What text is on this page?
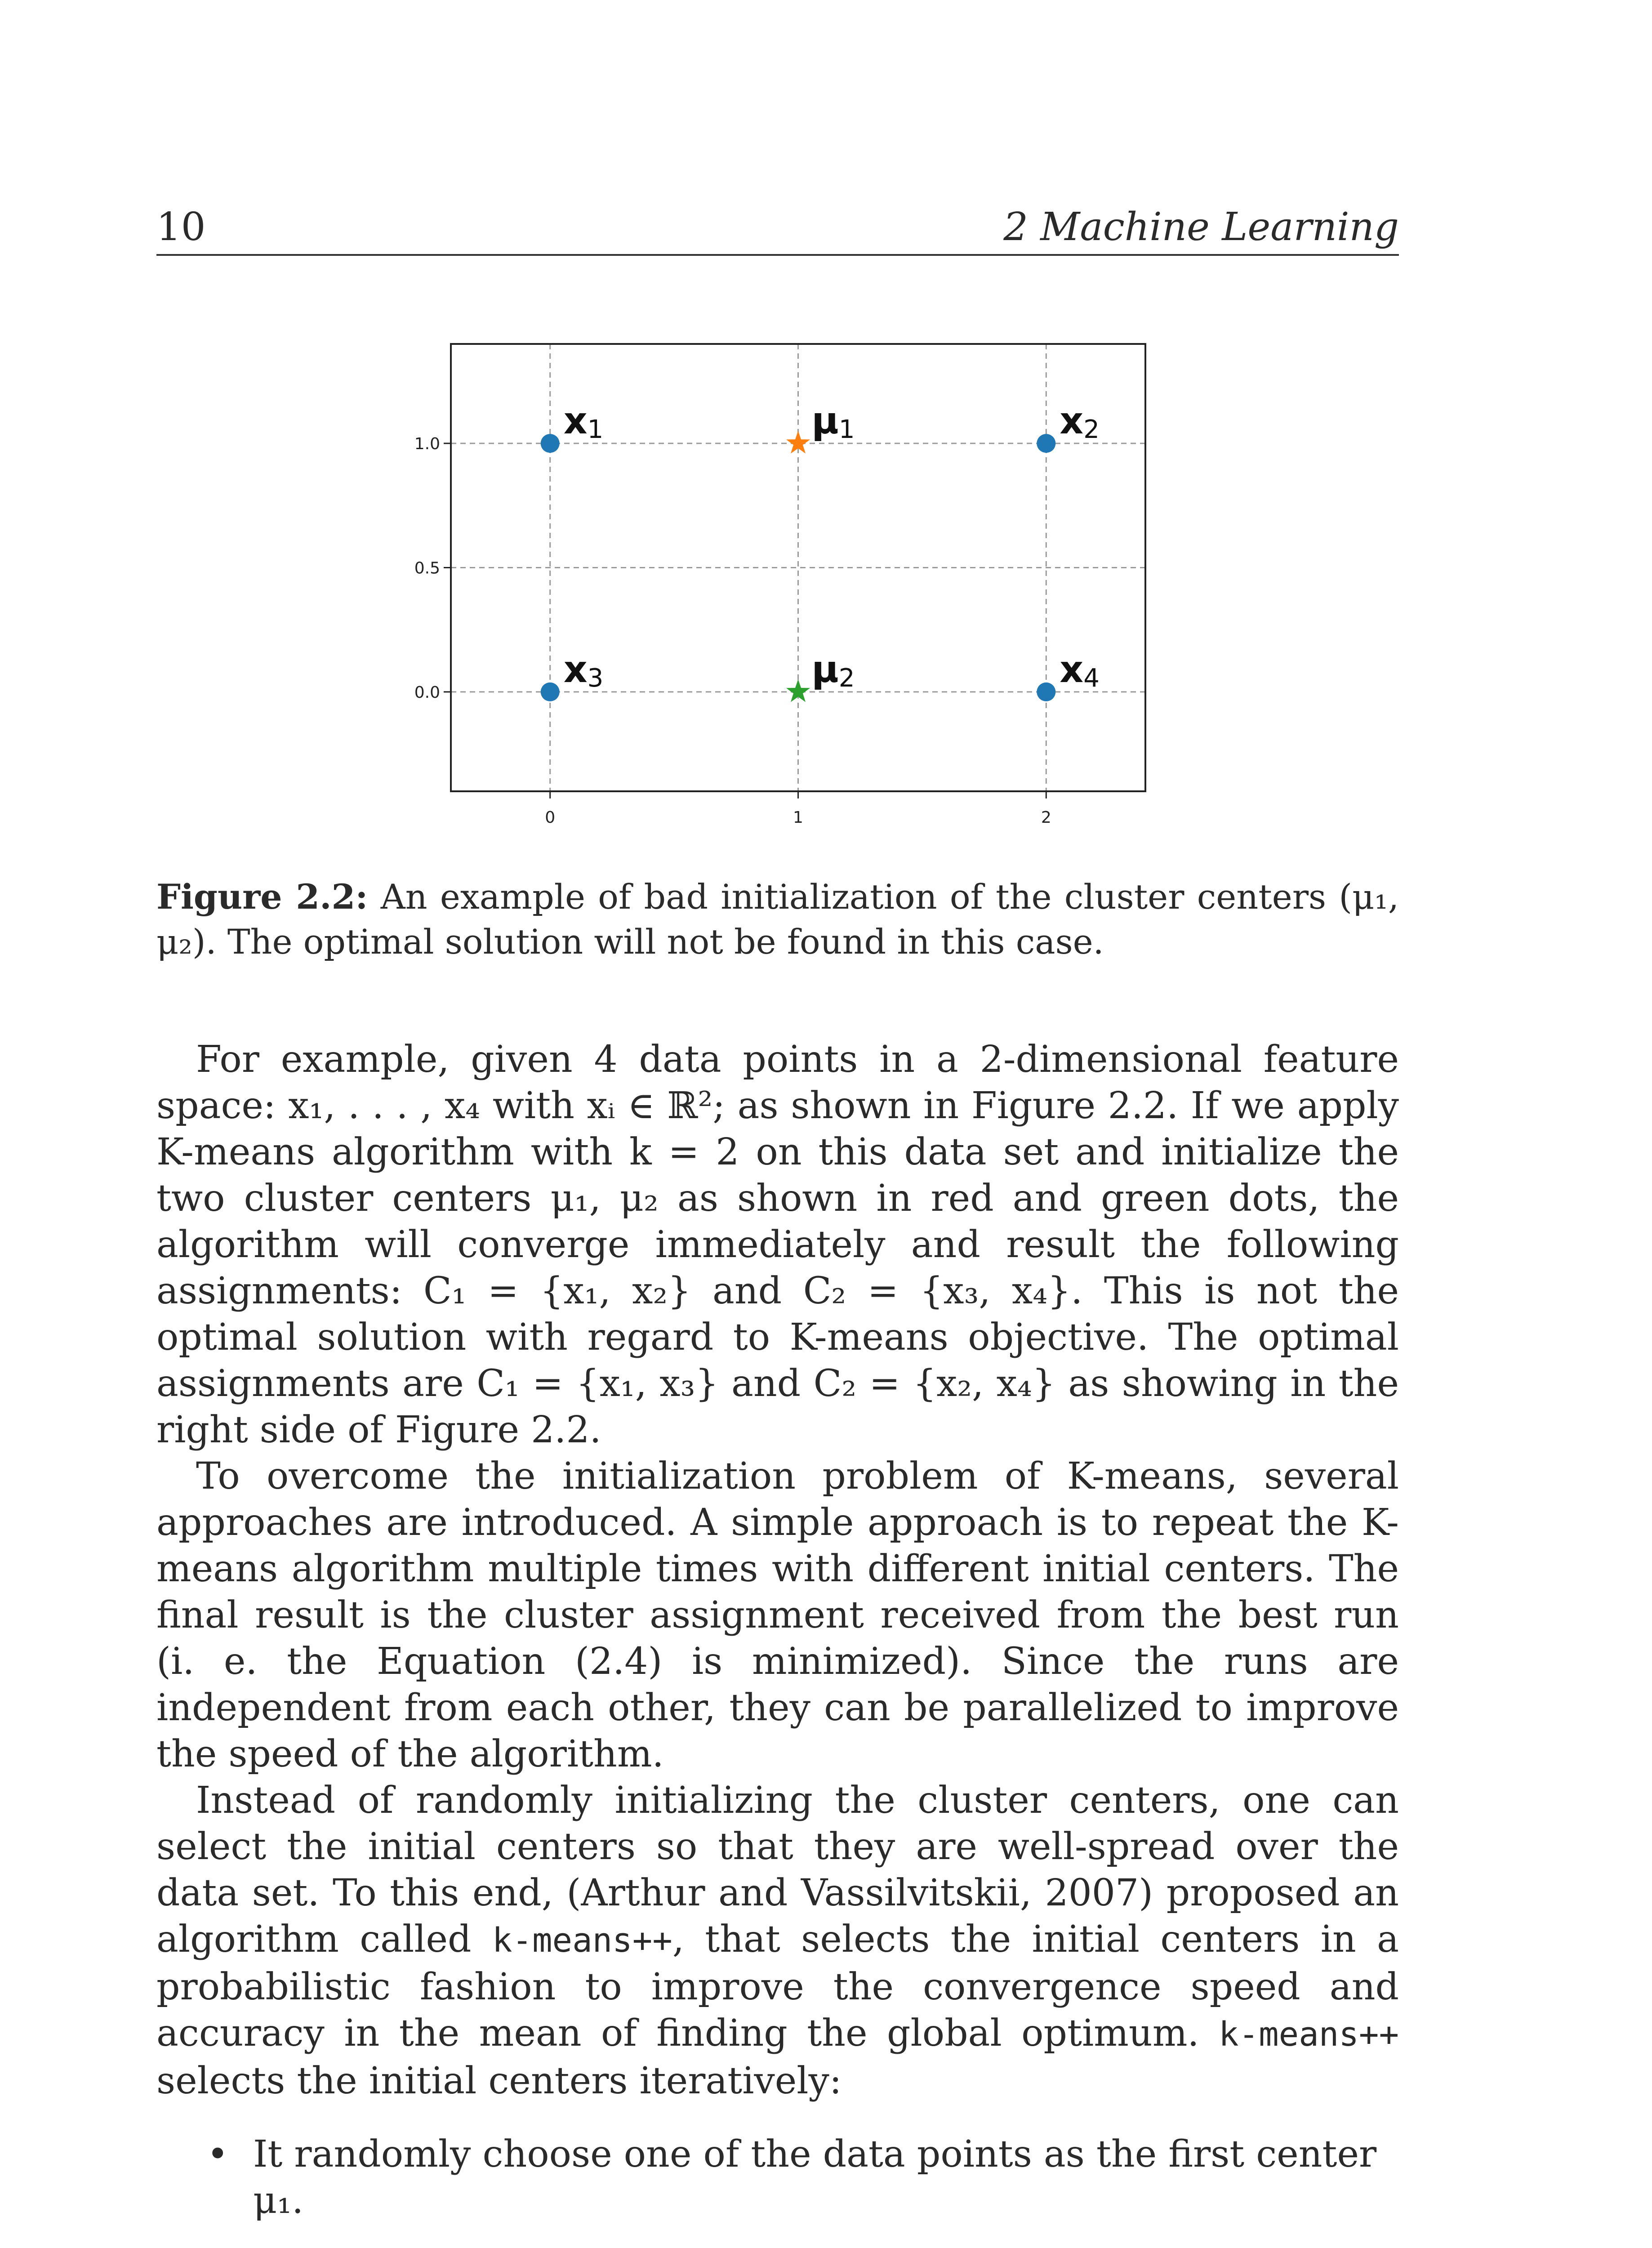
10	2 Machine Learning
0	1	2
0.0
0.5
1.0
x1	x2
x3	x4
μ1
μ2
Figure 2.2: An example of bad initialization of the cluster centers (μ₁, μ₂). The optimal solution will not be found in this case.

For example, given 4 data points in a 2-dimensional feature space: x₁, . . . , x₄ with xᵢ ∈ ℝ²; as shown in Figure 2.2. If we apply K-means algorithm with k = 2 on this data set and initialize the two cluster centers μ₁, μ₂ as shown in red and green dots, the algorithm will converge immediately and result the following assignments: C₁ = {x₁, x₂} and C₂ = {x₃, x₄}. This is not the optimal solution with regard to K-means objective. The optimal assignments are C₁ = {x₁, x₃} and C₂ = {x₂, x₄} as showing in the right side of Figure 2.2.

To overcome the initialization problem of K-means, several approaches are introduced. A simple approach is to repeat the K-means algorithm multiple times with different initial centers. The final result is the cluster assignment received from the best run (i. e. the Equation (2.4) is minimized). Since the runs are independent from each other, they can be parallelized to improve the speed of the algorithm.

Instead of randomly initializing the cluster centers, one can select the initial centers so that they are well-spread over the data set. To this end, (Arthur and Vassilvitskii, 2007) proposed an algorithm called k-means++, that selects the initial centers in a probabilistic fashion to improve the convergence speed and accuracy in the mean of finding the global optimum. k-means++ selects the initial centers iteratively:

• It randomly choose one of the data points as the first center μ₁.
